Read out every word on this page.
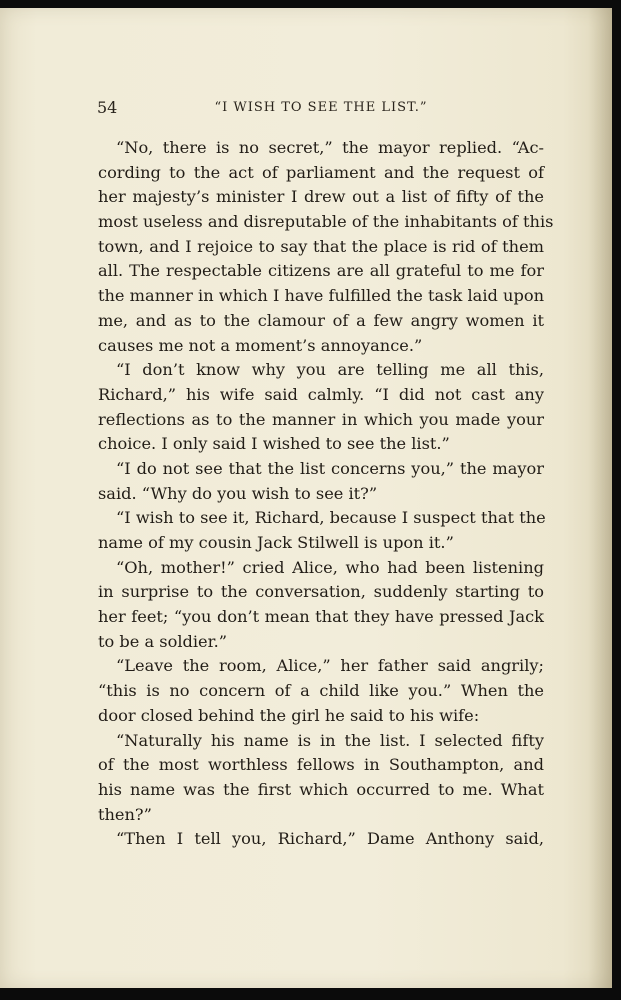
54	“I WISH TO SEE THE LIST.”
“No, there is no secret,” the mayor replied. “Ac-
cording to the act of parliament and the request of
her majesty’s minister I drew out a list of fifty of the
most useless and disreputable of the inhabitants of this
town, and I rejoice to say that the place is rid of them
all. The respectable citizens are all grateful to me for
the manner in which I have fulfilled the task laid upon
me, and as to the clamour of a few angry women it
causes me not a moment’s annoyance.”
“I don’t know why you are telling me all this,
Richard,” his wife said calmly. “I did not cast any
reflections as to the manner in which you made your
choice. I only said I wished to see the list.”
“I do not see that the list concerns you,” the mayor
said. “Why do you wish to see it?”
“I wish to see it, Richard, because I suspect that the
name of my cousin Jack Stilwell is upon it.”
“Oh, mother!” cried Alice, who had been listening
in surprise to the conversation, suddenly starting to
her feet; “you don’t mean that they have pressed Jack
to be a soldier.”
“Leave the room, Alice,” her father said angrily;
“this is no concern of a child like you.” When the
door closed behind the girl he said to his wife:
“Naturally his name is in the list. I selected fifty
of the most worthless fellows in Southampton, and
his name was the first which occurred to me. What
then?”
“Then I tell you, Richard,” Dame Anthony said,
